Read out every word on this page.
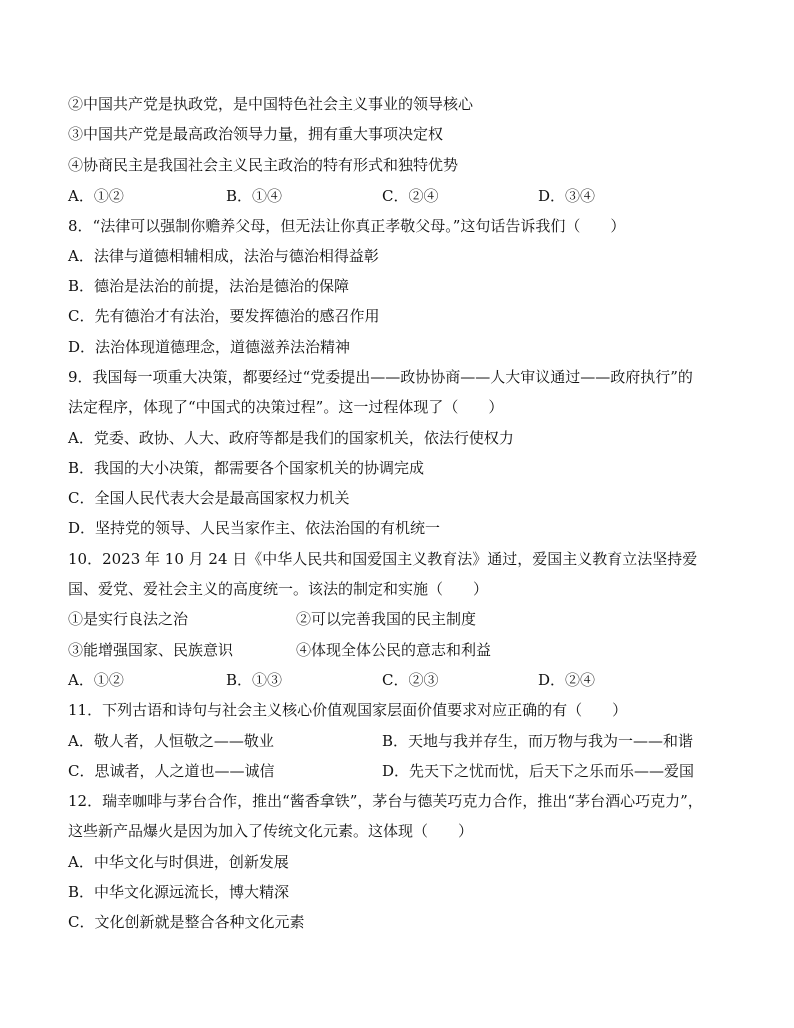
②中国共产党是执政党，是中国特色社会主义事业的领导核心
③中国共产党是最高政治领导力量，拥有重大事项决定权
④协商民主是我国社会主义民主政治的特有形式和独特优势
A．①②	B．①④	C．②④	D．③④
8．“法律可以强制你赡养父母，但无法让你真正孝敬父母。”这句话告诉我们（　　）
A．法律与道德相辅相成，法治与德治相得益彰
B．德治是法治的前提，法治是德治的保障
C．先有德治才有法治，要发挥德治的感召作用
D．法治体现道德理念，道德滋养法治精神
9．我国每一项重大决策，都要经过“党委提出——政协协商——人大审议通过——政府执行”的
法定程序，体现了“中国式的决策过程”。这一过程体现了（　　）
A．党委、政协、人大、政府等都是我们的国家机关，依法行使权力
B．我国的大小决策，都需要各个国家机关的协调完成
C．全国人民代表大会是最高国家权力机关
D．坚持党的领导、人民当家作主、依法治国的有机统一
10．2023 年 10 月 24 日《中华人民共和国爱国主义教育法》通过，爱国主义教育立法坚持爱
国、爱党、爱社会主义的高度统一。该法的制定和实施（　　）
①是实行良法之治	②可以完善我国的民主制度
③能增强国家、民族意识	④体现全体公民的意志和利益
A．①②	B．①③	C．②③	D．②④
11．下列古语和诗句与社会主义核心价值观国家层面价值要求对应正确的有（　　）
A．敬人者，人恒敬之——敬业	B．天地与我并存生，而万物与我为一——和谐
C．思诚者，人之道也——诚信	D．先天下之忧而忧，后天下之乐而乐——爱国
12．瑞幸咖啡与茅台合作，推出“酱香拿铁”，茅台与德芙巧克力合作，推出“茅台酒心巧克力”，
这些新产品爆火是因为加入了传统文化元素。这体现（　　）
A．中华文化与时俱进，创新发展
B．中华文化源远流长，博大精深
C．文化创新就是整合各种文化元素
